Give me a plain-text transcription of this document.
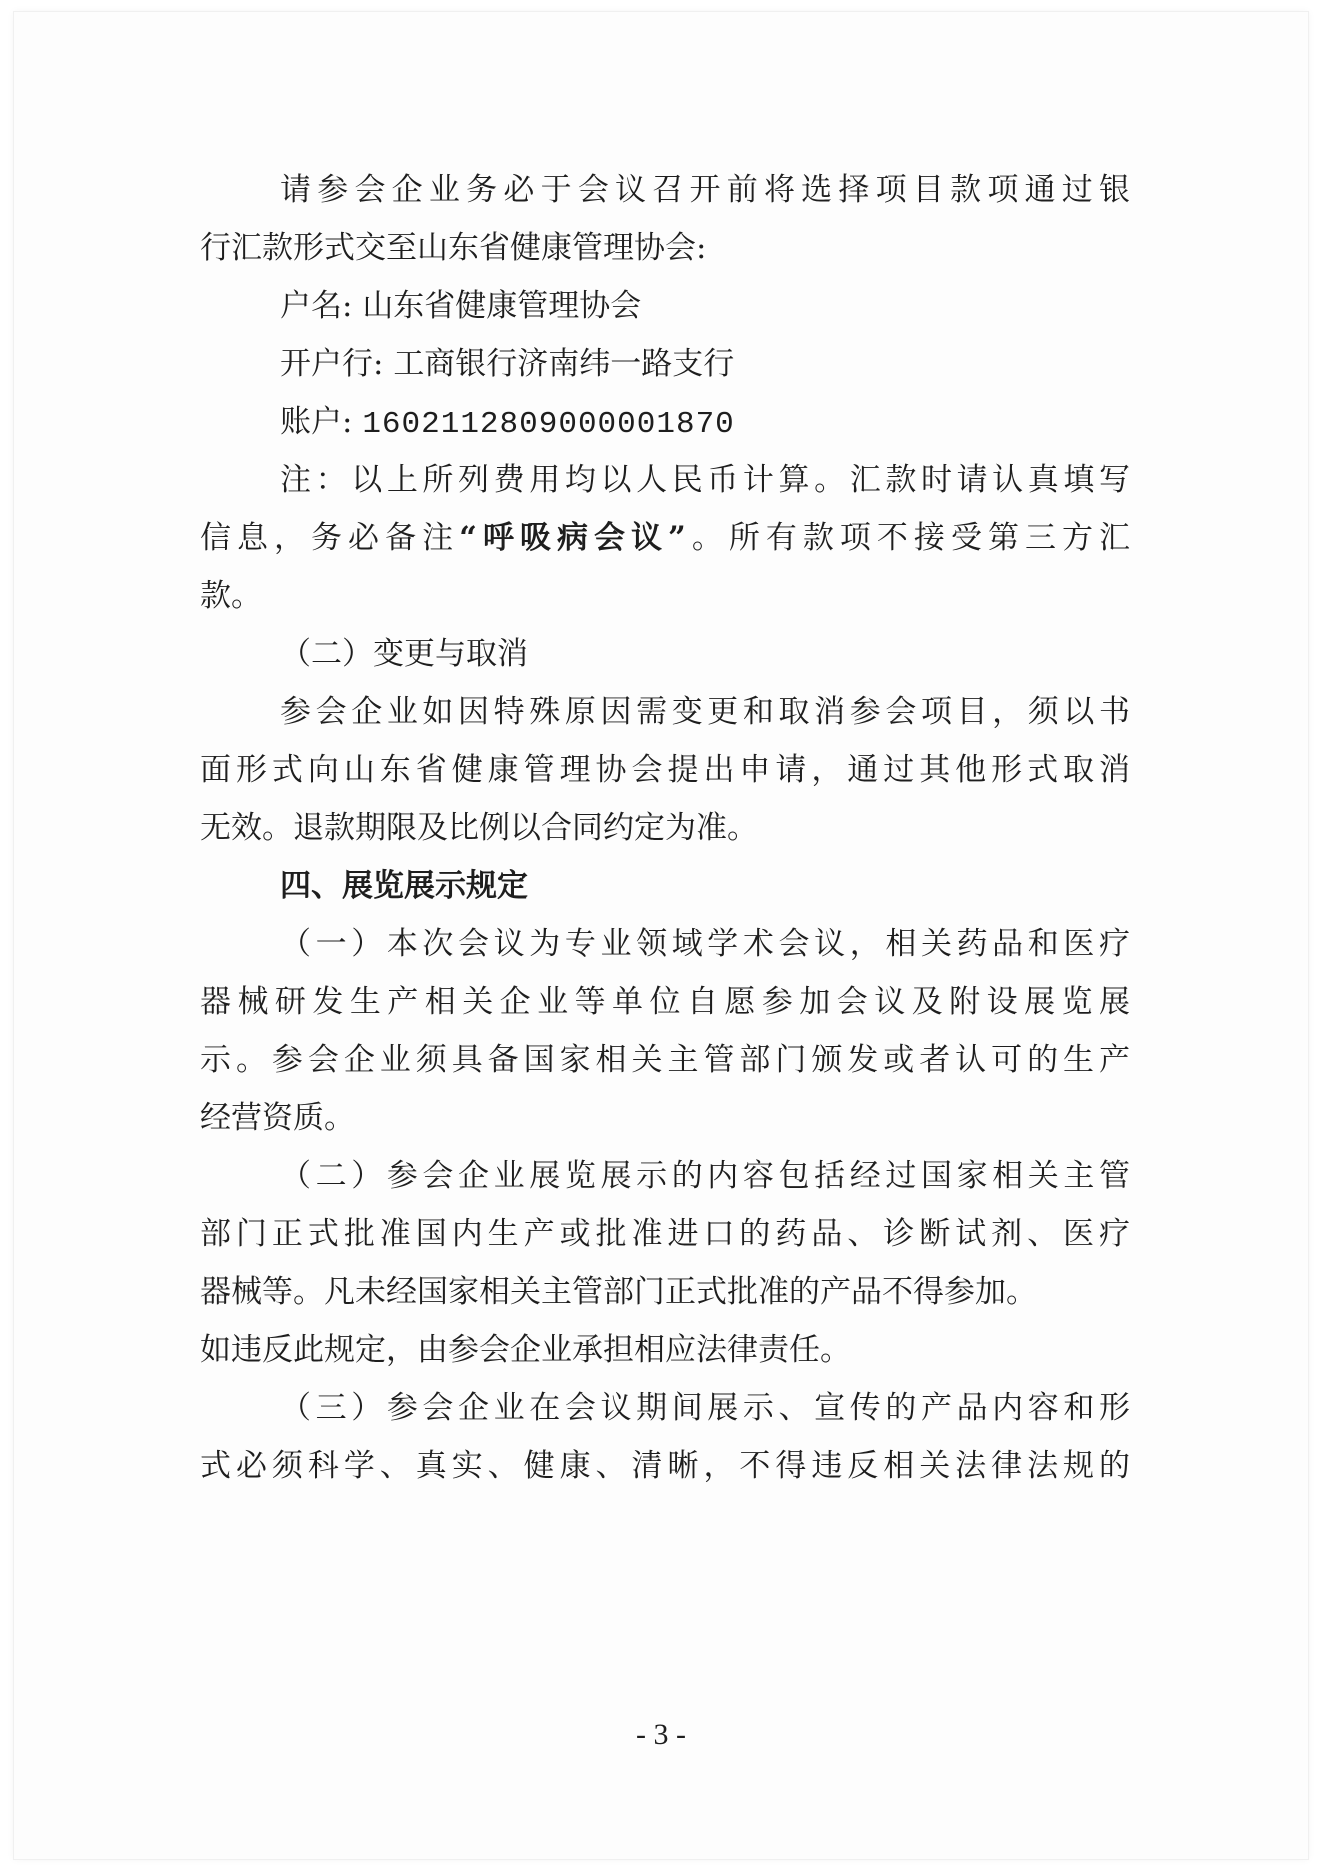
请参会企业务必于会议召开前将选择项目款项通过银
行汇款形式交至山东省健康管理协会:
户名: 山东省健康管理协会
开户行: 工商银行济南纬一路支行
账户: 1602112809000001870
注：以上所列费用均以人民币计算。汇款时请认真填写
信息，务必备注“呼吸病会议”。所有款项不接受第三方汇
款。
（二）变更与取消
参会企业如因特殊原因需变更和取消参会项目，须以书
面形式向山东省健康管理协会提出申请，通过其他形式取消
无效。退款期限及比例以合同约定为准。
四、展览展示规定
（一）本次会议为专业领域学术会议，相关药品和医疗
器械研发生产相关企业等单位自愿参加会议及附设展览展
示。参会企业须具备国家相关主管部门颁发或者认可的生产
经营资质。
（二）参会企业展览展示的内容包括经过国家相关主管
部门正式批准国内生产或批准进口的药品、诊断试剂、医疗
器械等。凡未经国家相关主管部门正式批准的产品不得参加。
如违反此规定，由参会企业承担相应法律责任。
（三）参会企业在会议期间展示、宣传的产品内容和形
式必须科学、真实、健康、清晰，不得违反相关法律法规的
- 3 -
